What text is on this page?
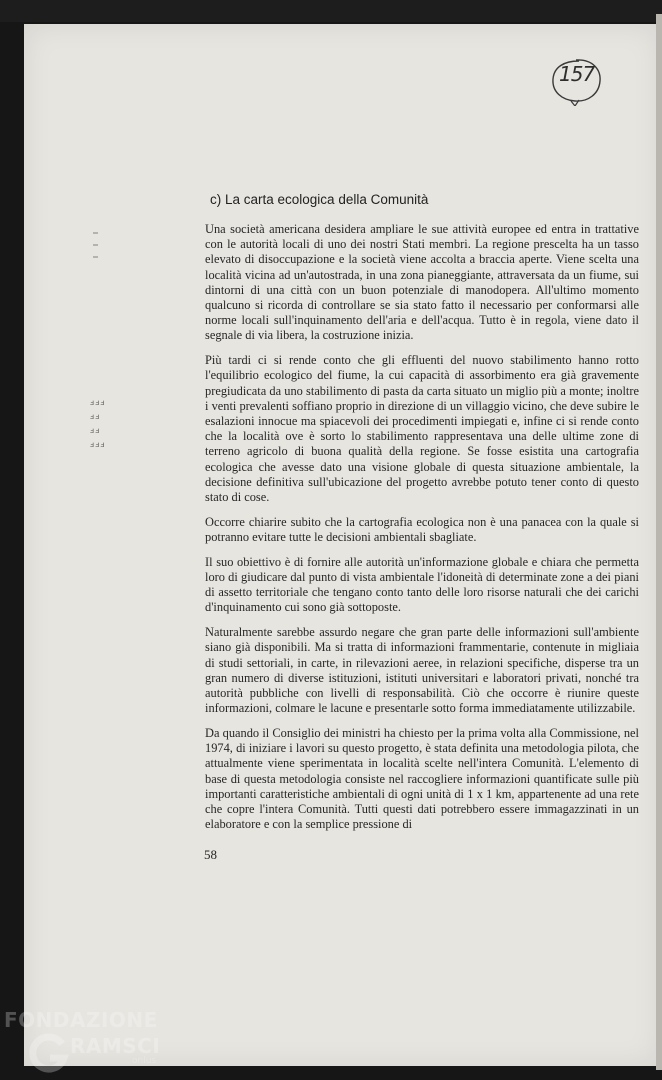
157
ⅎⅎⅎ
ⅎⅎ
ⅎⅎ
ⅎⅎⅎ
c) La carta ecologica della Comunità

Una società americana desidera ampliare le sue attività europee ed entra in trattative con le autorità locali di uno dei nostri Stati membri. La regione prescelta ha un tasso elevato di disoccupazione e la società viene accolta a braccia aperte. Viene scelta una località vicina ad un'autostrada, in una zona pianeggiante, attraversata da un fiume, sui dintorni di una città con un buon potenziale di manodopera. All'ultimo momento qualcuno si ricorda di controllare se sia stato fatto il necessario per conformarsi alle norme locali sull'inquinamento dell'aria e dell'acqua. Tutto è in regola, viene dato il segnale di via libera, la costruzione inizia.

Più tardi ci si rende conto che gli effluenti del nuovo stabilimento hanno rotto l'equilibrio ecologico del fiume, la cui capacità di assorbimento era già gravemente pregiudicata da uno stabilimento di pasta da carta situato un miglio più a monte; inoltre i venti prevalenti soffiano proprio in direzione di un villaggio vicino, che deve subire le esalazioni innocue ma spiacevoli dei procedimenti impiegati e, infine ci si rende conto che la località ove è sorto lo stabilimento rappresentava una delle ultime zone di terreno agricolo di buona qualità della regione. Se fosse esistita una cartografia ecologica che avesse dato una visione globale di questa situazione ambientale, la decisione definitiva sull'ubicazione del progetto avrebbe potuto tener conto di questo stato di cose.

Occorre chiarire subito che la cartografia ecologica non è una panacea con la quale si potranno evitare tutte le decisioni ambientali sbagliate.

Il suo obiettivo è di fornire alle autorità un'informazione globale e chiara che permetta loro di giudicare dal punto di vista ambientale l'idoneità di determinate zone a dei piani di assetto territoriale che tengano conto tanto delle loro risorse naturali che dei carichi d'inquinamento cui sono già sottoposte.

Naturalmente sarebbe assurdo negare che gran parte delle informazioni sull'ambiente siano già disponibili. Ma si tratta di informazioni frammentarie, contenute in migliaia di studi settoriali, in carte, in rilevazioni aeree, in relazioni specifiche, disperse tra un gran numero di diverse istituzioni, istituti universitari e laboratori privati, nonché tra autorità pubbliche con livelli di responsabilità. Ciò che occorre è riunire queste informazioni, colmare le lacune e presentarle sotto forma immediatamente utilizzabile.

Da quando il Consiglio dei ministri ha chiesto per la prima volta alla Commissione, nel 1974, di iniziare i lavori su questo progetto, è stata definita una metodologia pilota, che attualmente viene sperimentata in località scelte nell'intera Comunità. L'elemento di base di questa metodologia consiste nel raccogliere informazioni quantificate sulle più importanti caratteristiche ambientali di ogni unità di 1 x 1 km, appartenente ad una rete che copre l'intera Comunità. Tutti questi dati potrebbero essere immagazzinati in un elaboratore e con la semplice pressione di

58
FONDAZIONE
RAMSCI
onlus
